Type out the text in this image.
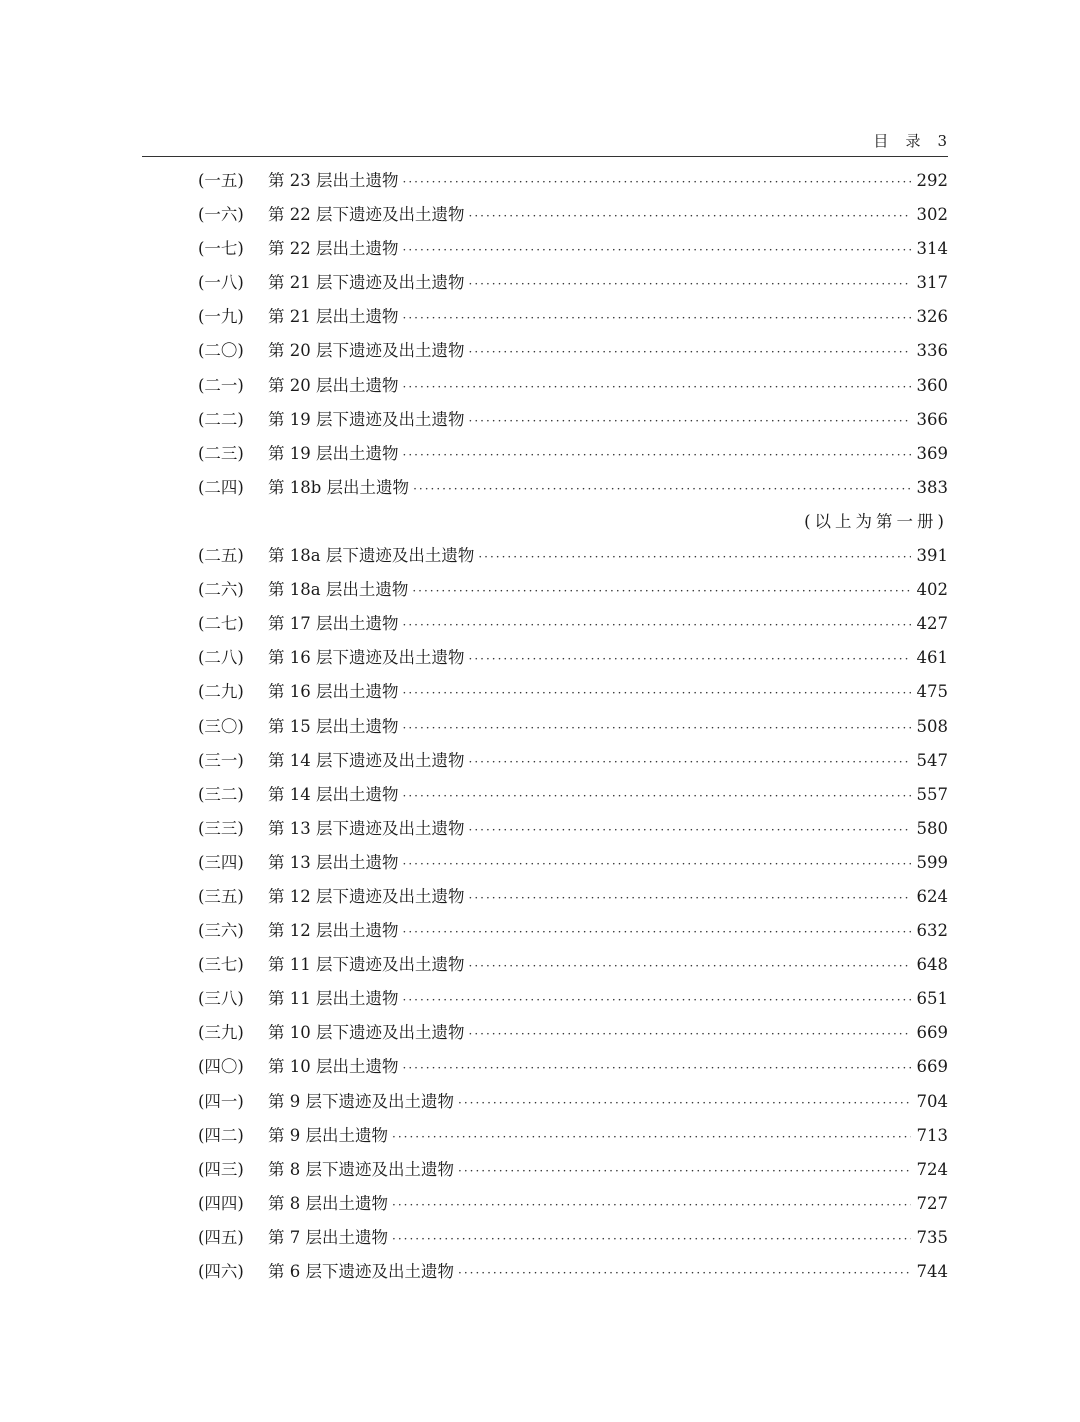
目 录 3
(一五)	第 23 层出土遗物 ·····	292
(一六)	第 22 层下遗迹及出土遗物 ·····	302
(一七)	第 22 层出土遗物 ·····	314
(一八)	第 21 层下遗迹及出土遗物 ·····	317
(一九)	第 21 层出土遗物 ·····	326
(二〇)	第 20 层下遗迹及出土遗物 ·····	336
(二一)	第 20 层出土遗物 ·····	360
(二二)	第 19 层下遗迹及出土遗物 ·····	366
(二三)	第 19 层出土遗物 ·····	369
(二四)	第 18b 层出土遗物 ·····	383
(以上为第一册)
(二五)	第 18a 层下遗迹及出土遗物 ·····	391
(二六)	第 18a 层出土遗物 ·····	402
(二七)	第 17 层出土遗物 ·····	427
(二八)	第 16 层下遗迹及出土遗物 ·····	461
(二九)	第 16 层出土遗物 ·····	475
(三〇)	第 15 层出土遗物 ·····	508
(三一)	第 14 层下遗迹及出土遗物 ·····	547
(三二)	第 14 层出土遗物 ·····	557
(三三)	第 13 层下遗迹及出土遗物 ·····	580
(三四)	第 13 层出土遗物 ·····	599
(三五)	第 12 层下遗迹及出土遗物 ·····	624
(三六)	第 12 层出土遗物 ·····	632
(三七)	第 11 层下遗迹及出土遗物 ·····	648
(三八)	第 11 层出土遗物 ·····	651
(三九)	第 10 层下遗迹及出土遗物 ·····	669
(四〇)	第 10 层出土遗物 ·····	669
(四一)	第 9 层下遗迹及出土遗物 ·····	704
(四二)	第 9 层出土遗物 ·····	713
(四三)	第 8 层下遗迹及出土遗物 ·····	724
(四四)	第 8 层出土遗物 ·····	727
(四五)	第 7 层出土遗物 ·····	735
(四六)	第 6 层下遗迹及出土遗物 ·····	744
